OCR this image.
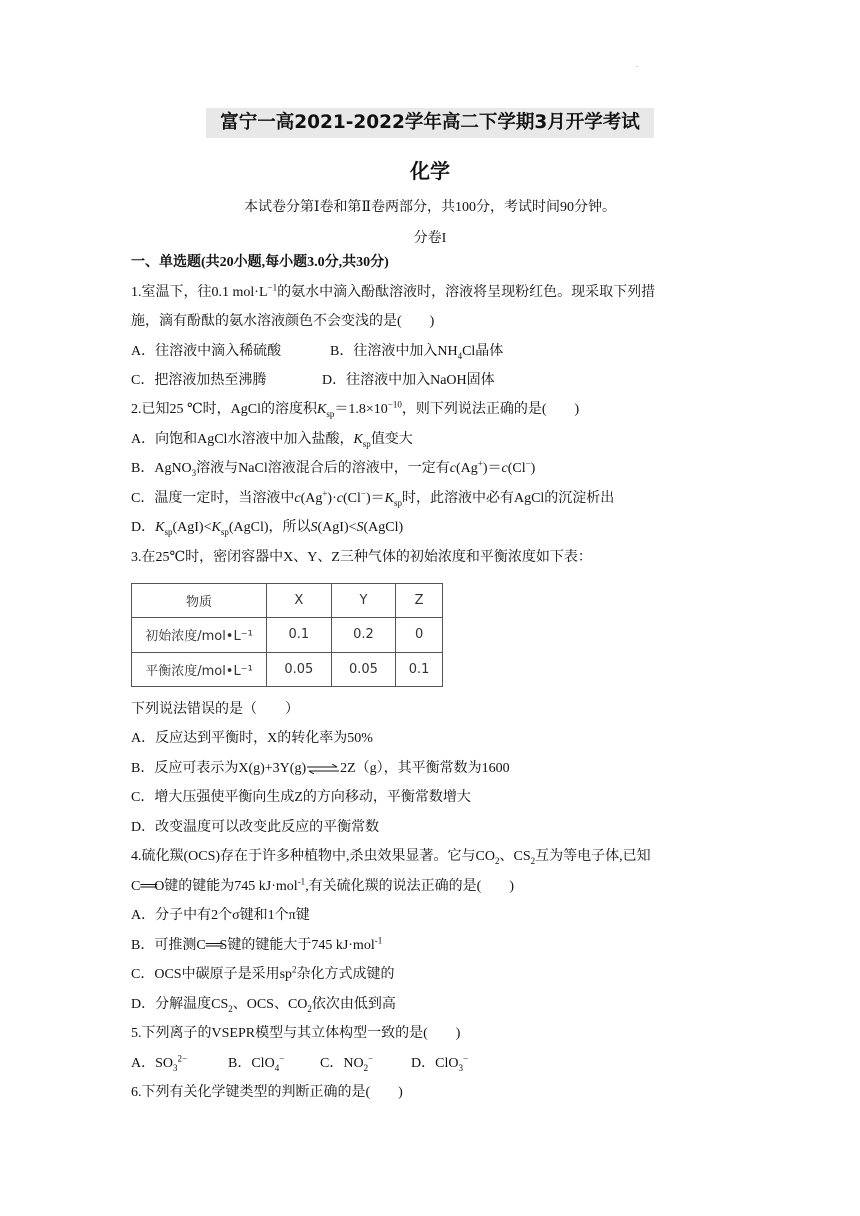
.
富宁一高2021-2022学年高二下学期3月开学考试
化学
本试卷分第Ⅰ卷和第Ⅱ卷两部分，共100分，考试时间90分钟。
分卷I
一、单选题(共20小题,每小题3.0分,共30分)
1.室温下，往0.1 $mol\cdot L^{-1}$的氨水中滴入酚酞溶液时，溶液将呈现粉红色。现采取下列措
施，滴有酚酞的氨水溶液颜色不会变浅的是(　　)
A．往溶液中滴入稀硫酸	B．往溶液中加入$NH_4Cl$晶体
C．把溶液加热至沸腾	D．往溶液中加入NaOH固体
2.已知25 ℃时，AgCl的溶度积$K_{sp}=1.8\times 10^{-10}$，则下列说法正确的是(　　)
A．向饱和AgCl水溶液中加入盐酸，$K_{sp}$值变大
B．AgNO$_3$溶液与NaCl溶液混合后的溶液中，一定有c(Ag+)＝c(Cl−)
C．温度一定时，当溶液中$c(Ag^+)\cdot c(Cl^-)=K_{sp}$时，此溶液中必有AgCl的沉淀析出
D．$K_{sp}(AgI)<K_{sp}(AgCl)$，所以S(AgI)<S(AgCl)
3.在25℃时，密闭容器中X、Y、Z三种气体的初始浓度和平衡浓度如下表：
物质	X	Y	Z
初始浓度/mol•L⁻¹	0.1	0.2	0
平衡浓度/mol•L⁻¹	0.05	0.05	0.1
下列说法错误的是（　　）
A．反应达到平衡时，X的转化率为50%
B．反应可表示为X(g)+3Y(g)⇌2Z（g），其平衡常数为1600
C．增大压强使平衡向生成Z的方向移动，平衡常数增大
D．改变温度可以改变此反应的平衡常数
4.硫化羰(OCS)存在于许多种植物中,杀虫效果显著。它与$CO_2$、$CS_2$互为等电子体,已知
C══O键的键能为745 kJ·mol$^{-1}$,有关硫化羰的说法正确的是(　　)
A．分子中有2个σ键和1个π键
B．可推测C══S键的键能大于745 kJ·mol$^{-1}$
C．OCS中碳原子是采用$sp^2$杂化方式成键的
D．分解温度$CS_2$、OCS、$CO_2$依次由低到高
5.下列离子的VSEPR模型与其立体构型一致的是(　　)
A．$SO_3^{2-}$	B．ClO$_4$−	C．$NO_2^-$	D．ClO$_3$−
6.下列有关化学键类型的判断正确的是(　　)
